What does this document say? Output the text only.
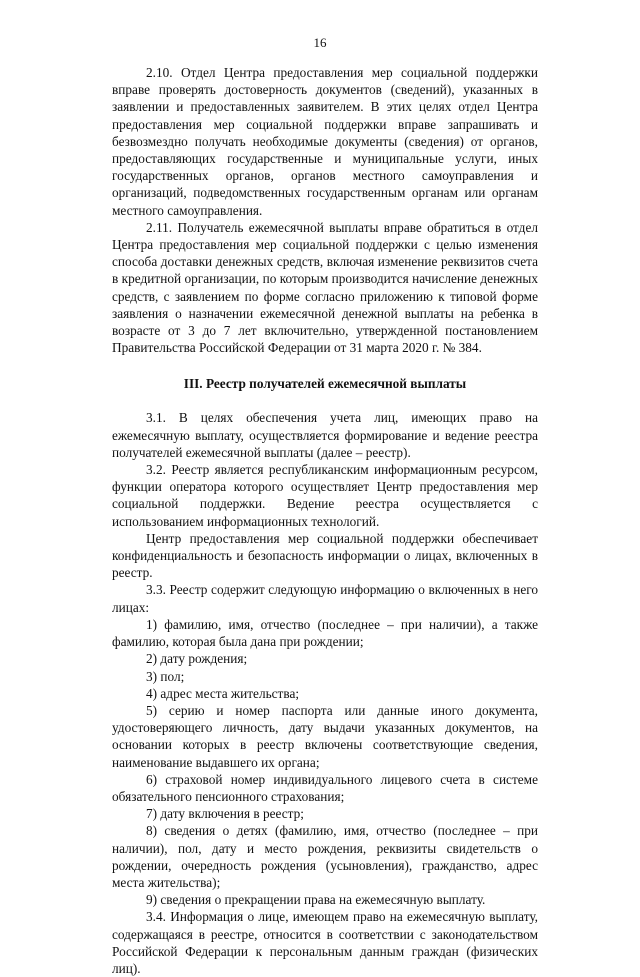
16

2.10. Отдел Центра предоставления мер социальной поддержки вправе проверять достоверность документов (сведений), указанных в заявлении и предоставленных заявителем. В этих целях отдел Центра предоставления мер социальной поддержки вправе запрашивать и безвозмездно получать необходимые документы (сведения) от органов, предоставляющих государственные и муниципальные услуги, иных государственных органов, органов местного самоуправления и организаций, подведомственных государственным органам или органам местного самоуправления.

2.11. Получатель ежемесячной выплаты вправе обратиться в отдел Центра предоставления мер социальной поддержки с целью изменения способа доставки денежных средств, включая изменение реквизитов счета в кредитной организации, по которым производится начисление денежных средств, с заявлением по форме согласно приложению к типовой форме заявления о назначении ежемесячной денежной выплаты на ребенка в возрасте от 3 до 7 лет включительно, утвержденной постановлением Правительства Российской Федерации от 31 марта 2020 г. № 384.

III. Реестр получателей ежемесячной выплаты

3.1. В целях обеспечения учета лиц, имеющих право на ежемесячную выплату, осуществляется формирование и ведение реестра получателей ежемесячной выплаты (далее – реестр).

3.2. Реестр является республиканским информационным ресурсом, функции оператора которого осуществляет Центр предоставления мер социальной поддержки. Ведение реестра осуществляется с использованием информационных технологий.

Центр предоставления мер социальной поддержки обеспечивает конфиденциальность и безопасность информации о лицах, включенных в реестр.

3.3. Реестр содержит следующую информацию о включенных в него лицах:

1) фамилию, имя, отчество (последнее – при наличии), а также фамилию, которая была дана при рождении;

2) дату рождения;

3) пол;

4) адрес места жительства;

5) серию и номер паспорта или данные иного документа, удостоверяющего личность, дату выдачи указанных документов, на основании которых в реестр включены соответствующие сведения, наименование выдавшего их органа;

6) страховой номер индивидуального лицевого счета в системе обязательного пенсионного страхования;

7) дату включения в реестр;

8) сведения о детях (фамилию, имя, отчество (последнее – при наличии), пол, дату и место рождения, реквизиты свидетельств о рождении, очередность рождения (усыновления), гражданство, адрес места жительства);

9) сведения о прекращении права на ежемесячную выплату.

3.4. Информация о лице, имеющем право на ежемесячную выплату, содержащаяся в реестре, относится в соответствии с законодательством Российской Федерации к персональным данным граждан (физических лиц).
